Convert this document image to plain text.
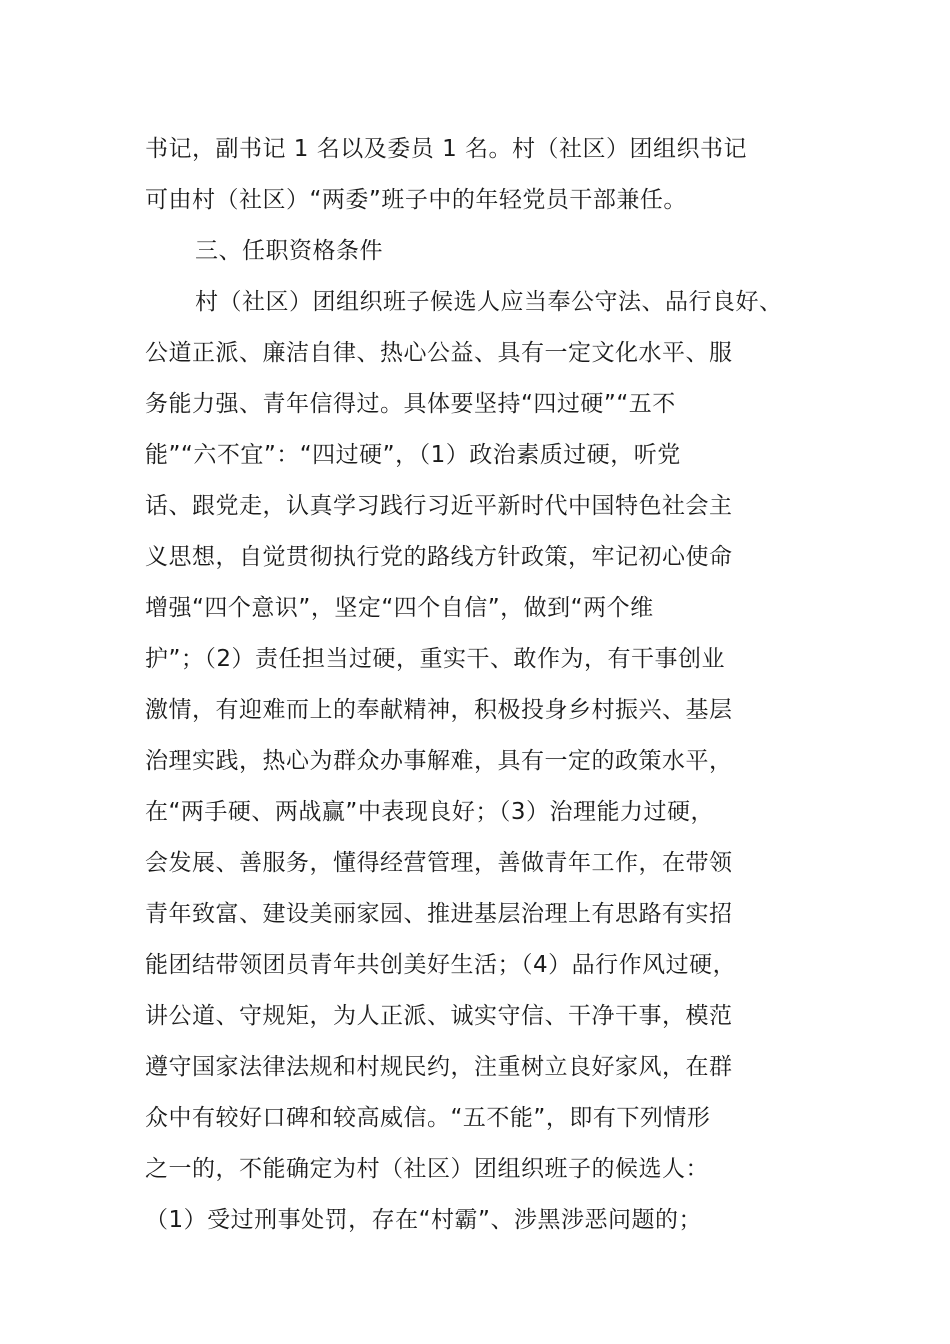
书记，副书记 1 名以及委员 1 名。村（社区）团组织书记
可由村（社区）“两委”班子中的年轻党员干部兼任。
三、任职资格条件
村（社区）团组织班子候选人应当奉公守法、品行良好、
公道正派、廉洁自律、热心公益、具有一定文化水平、服
务能力强、青年信得过。具体要坚持“四过硬”“五不
能”“六不宜”：“四过硬”，（1）政治素质过硬，听党
话、跟党走，认真学习践行习近平新时代中国特色社会主
义思想，自觉贯彻执行党的路线方针政策，牢记初心使命
增强“四个意识”，坚定“四个自信”，做到“两个维
护”；（2）责任担当过硬，重实干、敢作为，有干事创业
激情，有迎难而上的奉献精神，积极投身乡村振兴、基层
治理实践，热心为群众办事解难，具有一定的政策水平，
在“两手硬、两战赢”中表现良好；（3）治理能力过硬，
会发展、善服务，懂得经营管理，善做青年工作，在带领
青年致富、建设美丽家园、推进基层治理上有思路有实招
能团结带领团员青年共创美好生活；（4）品行作风过硬，
讲公道、守规矩，为人正派、诚实守信、干净干事，模范
遵守国家法律法规和村规民约，注重树立良好家风，在群
众中有较好口碑和较高威信。“五不能”，即有下列情形
之一的，不能确定为村（社区）团组织班子的候选人：
（1）受过刑事处罚，存在“村霸”、涉黑涉恶问题的；
